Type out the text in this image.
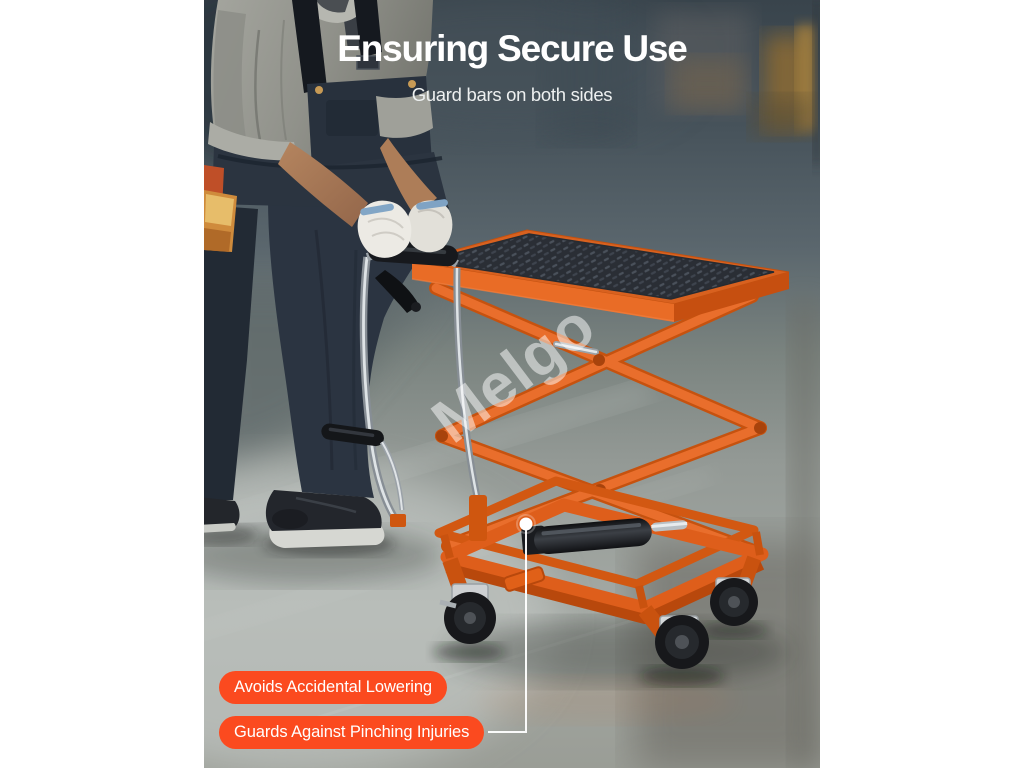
Ensuring Secure Use
Guard bars on both sides
Melgo
Avoids Accidental Lowering
Guards Against Pinching Injuries
